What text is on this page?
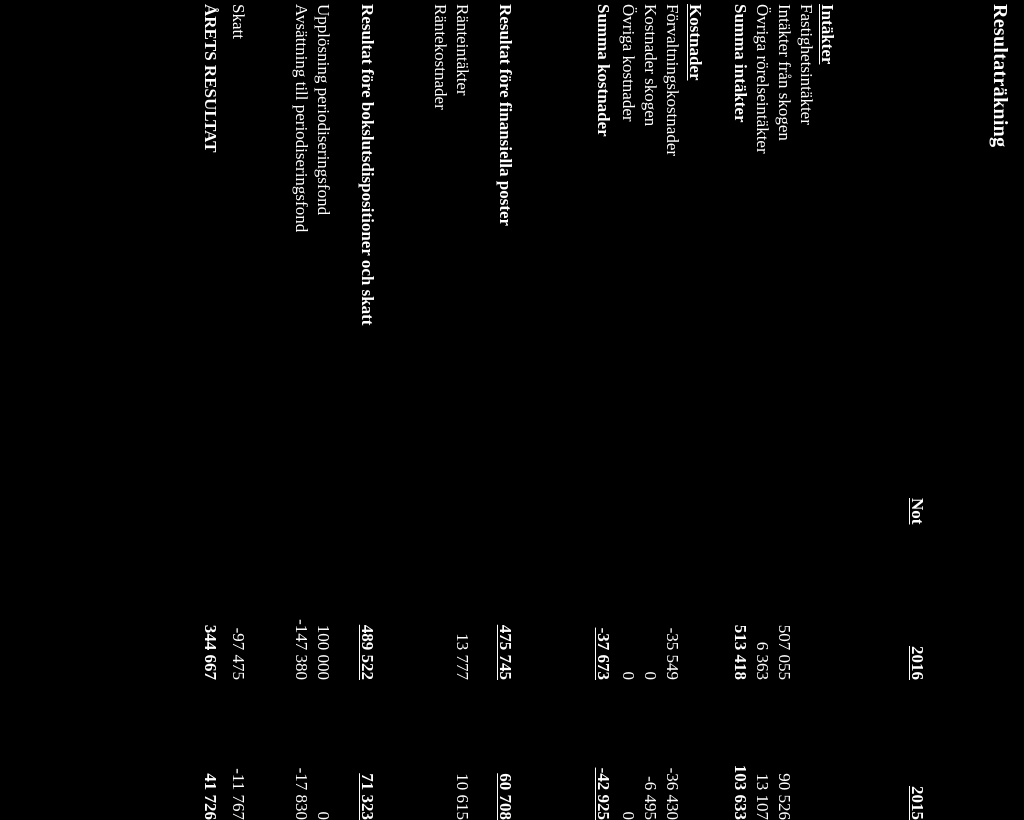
Resultaträkning
Not
2016
2015
Intäkter
Fastighetsintäkter
Intäkter från skogen
507 055
90 526
Övriga rörelseintäkter
6 363
13 107
Summa intäkter
513 418
103 633
Kostnader
Förvaltningskostnader
-35 549
-36 430
Kostnader skogen
0
-6 495
Övriga kostnader
0
0
Summa kostnader
-37 673
-42 925
Resultat före finansiella poster
475 745
60 708
Ränteintäkter
13 777
10 615
Räntekostnader
Resultat före bokslutsdispositioner och skatt
489 522
71 323
Upplösning periodiseringsfond
100 000
0
Avsättning till periodiseringsfond
-147 380
-17 830
Skatt
-97 475
-11 767
ÅRETS RESULTAT
344 667
41 726
